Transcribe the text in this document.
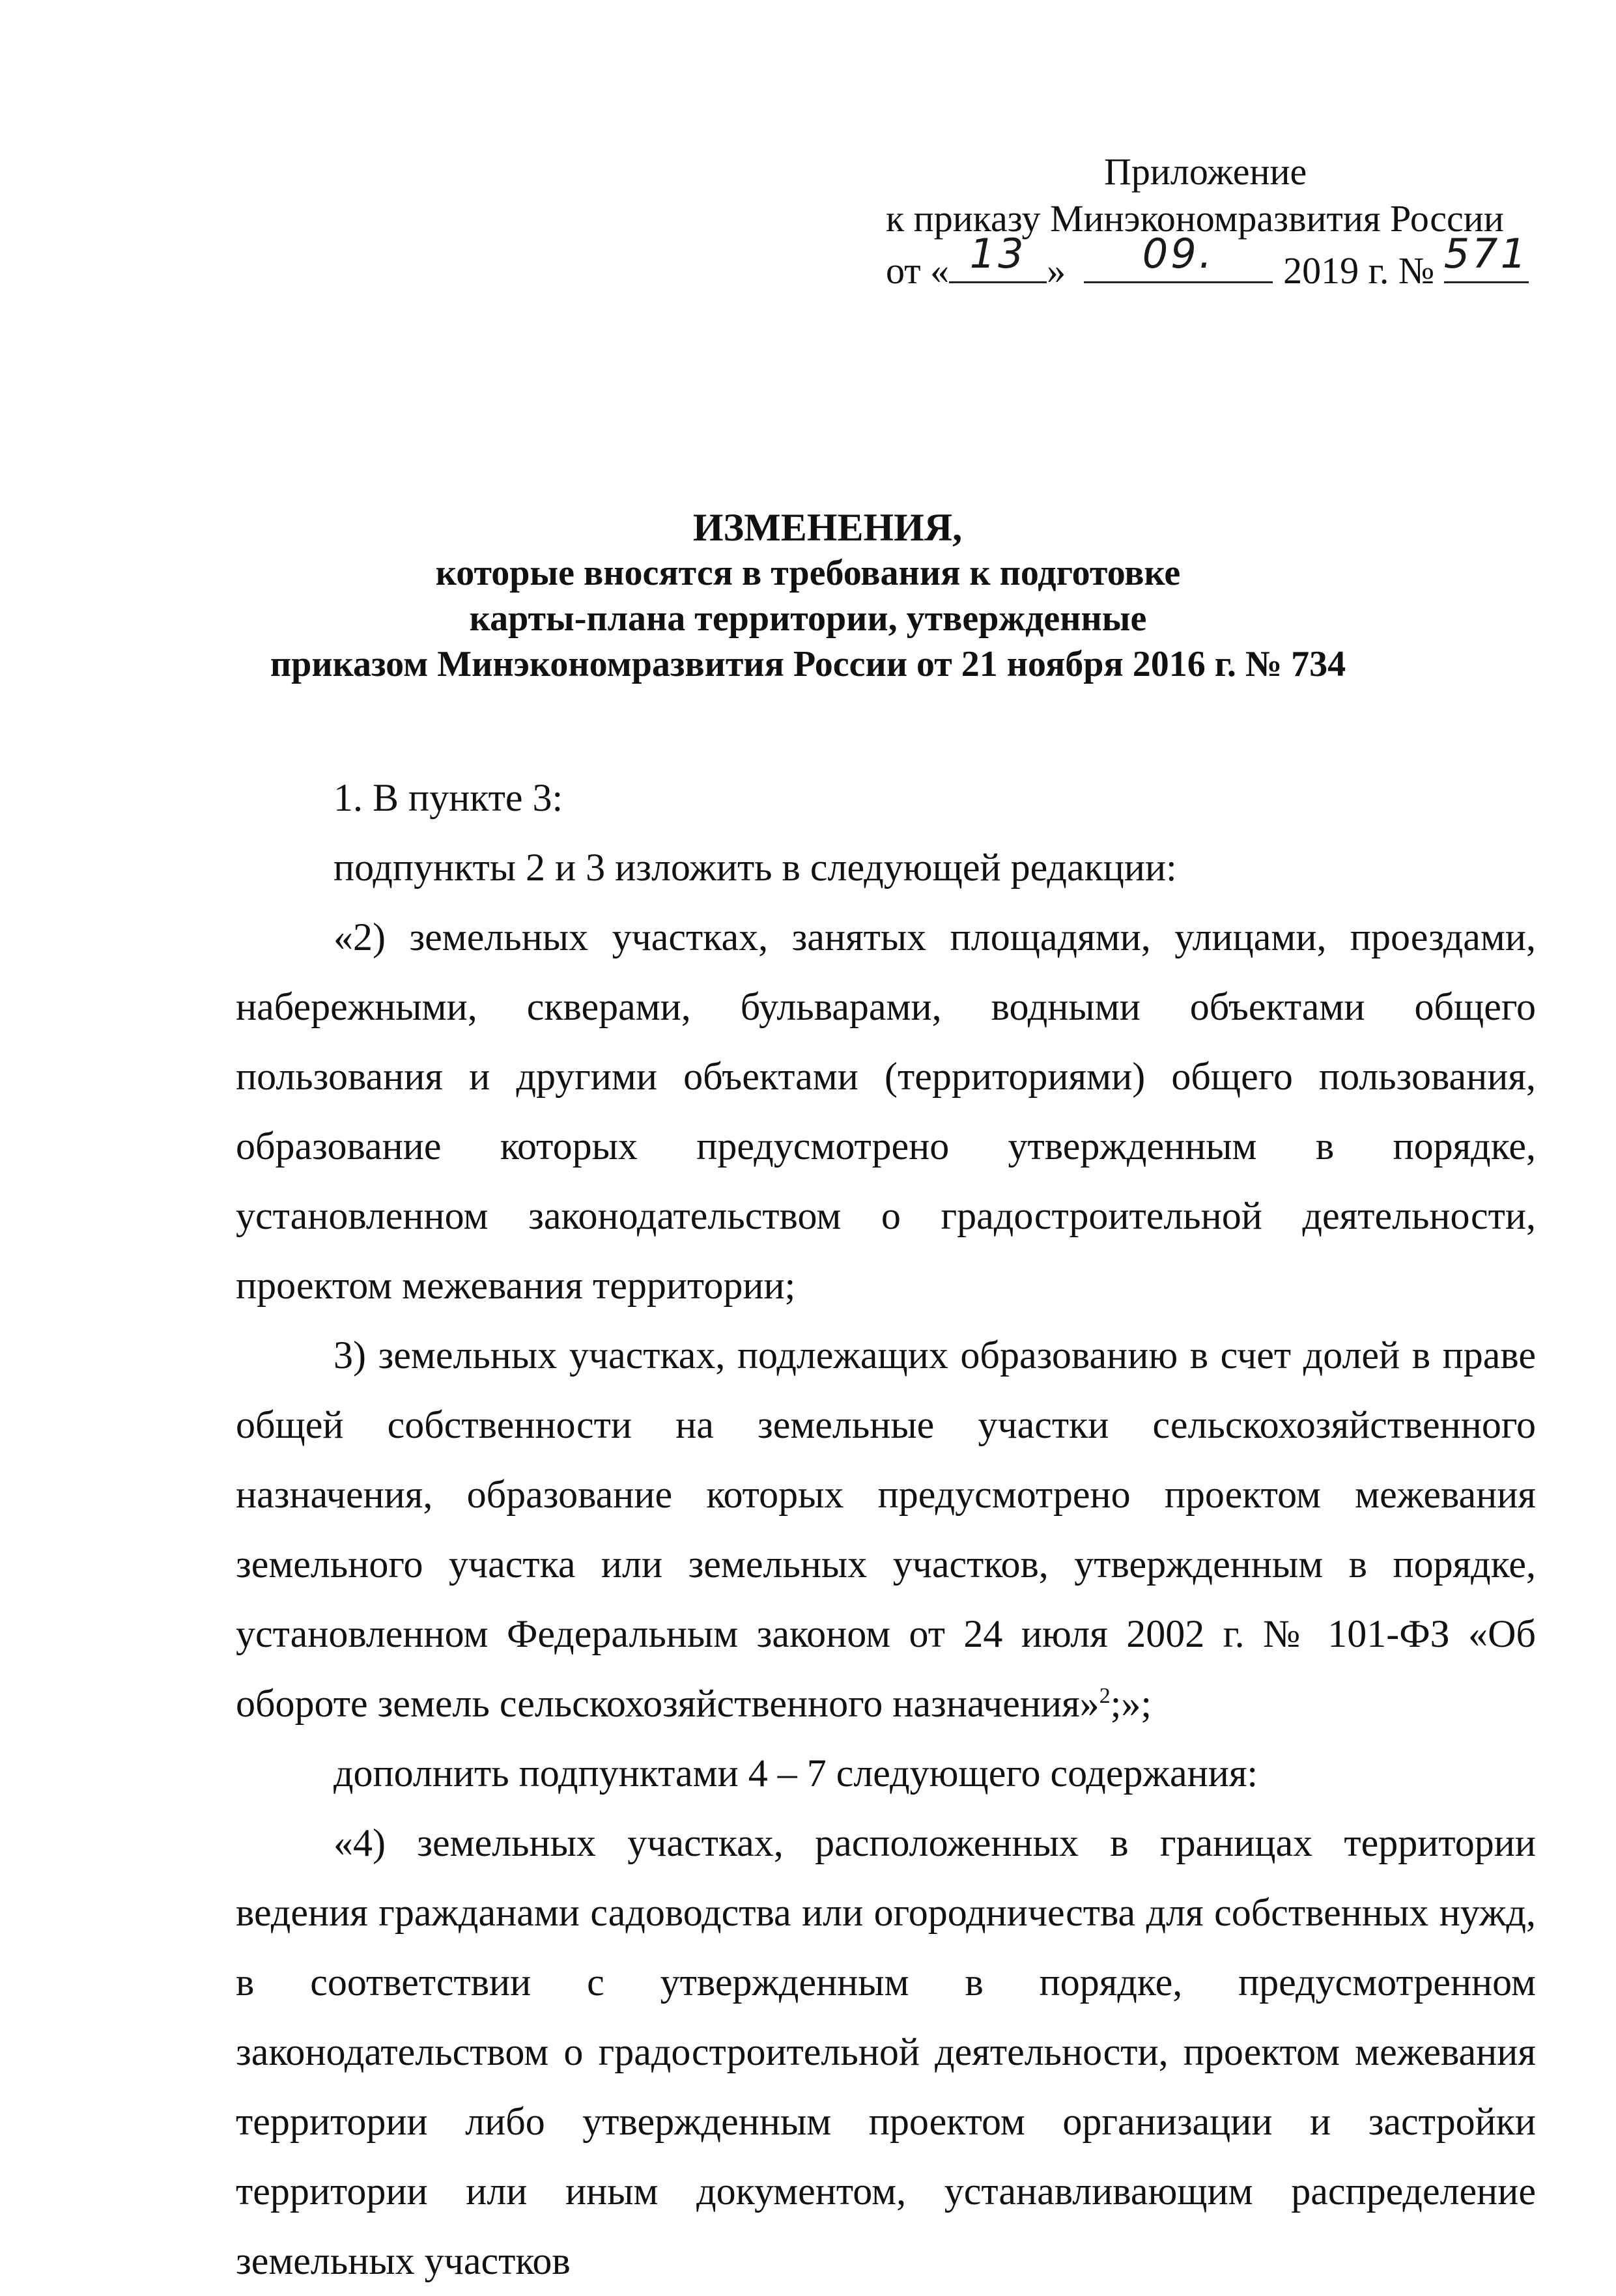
Приложение
к приказу Минэкономразвития России
от « 13 »	09.	2019 г. № 571
ИЗМЕНЕНИЯ,
которые вносятся в требования к подготовке
карты-плана территории, утвержденные
приказом Минэкономразвития России от 21 ноября 2016 г. № 734

1. В пункте 3:

подпункты 2 и 3 изложить в следующей редакции:

«2) земельных участках, занятых площадями, улицами, проездами, набережными, скверами, бульварами, водными объектами общего пользования и другими объектами (территориями) общего пользования, образование которых предусмотрено утвержденным в порядке, установленном законодательством о градостроительной деятельности, проектом межевания территории;

3) земельных участках, подлежащих образованию в счет долей в праве общей собственности на земельные участки сельскохозяйственного назначения, образование которых предусмотрено проектом межевания земельного участка или земельных участков, утвержденным в порядке, установленном Федеральным законом от 24 июля 2002 г. № 101-ФЗ «Об обороте земель сельскохозяйственного назначения»$^2$;»;

дополнить подпунктами 4 – 7 следующего содержания:

«4) земельных участках, расположенных в границах территории ведения гражданами садоводства или огородничества для собственных нужд, в соответствии с утвержденным в порядке, предусмотренном законодательством о градостроительной деятельности, проектом межевания территории либо утвержденным проектом организации и застройки территории или иным документом, устанавливающим распределение земельных участков
